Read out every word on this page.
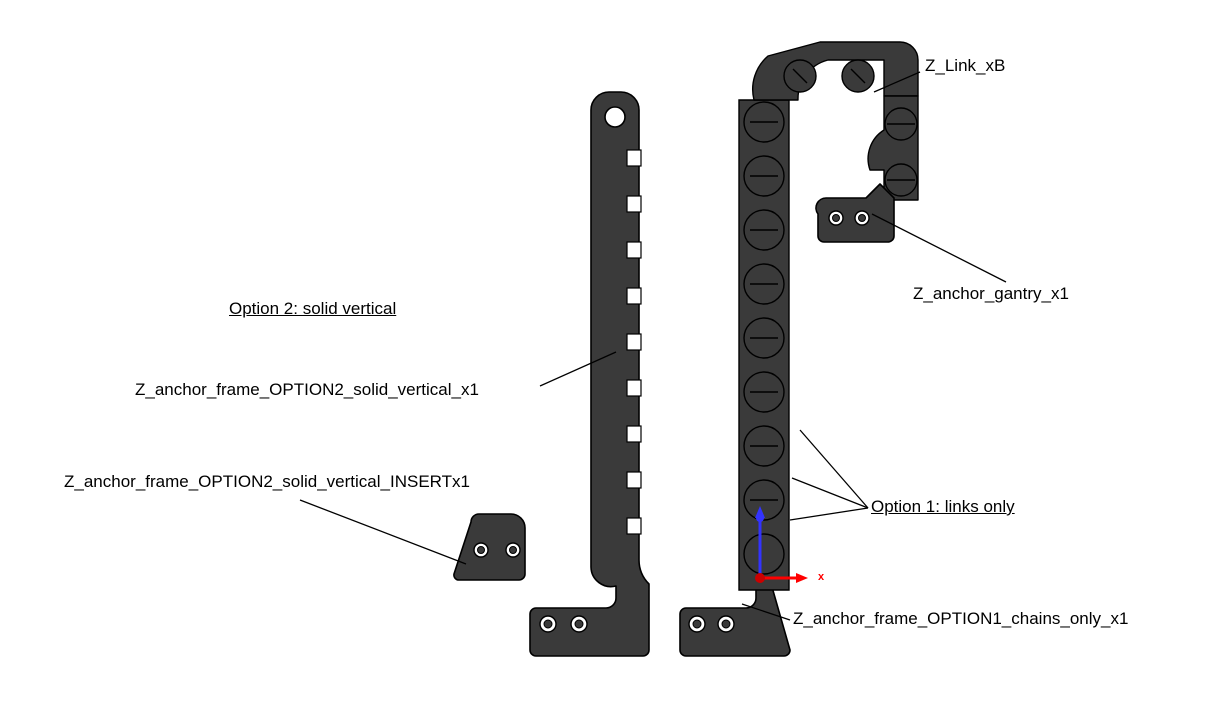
Option 2: solid vertical
Z_anchor_frame_OPTION2_solid_vertical_x1
Z_anchor_frame_OPTION2_solid_vertical_INSERTx1
Option 1: links only
Z_anchor_frame_OPTION1_chains_only_x1
Z_Link_xB
Z_anchor_gantry_x1
x
